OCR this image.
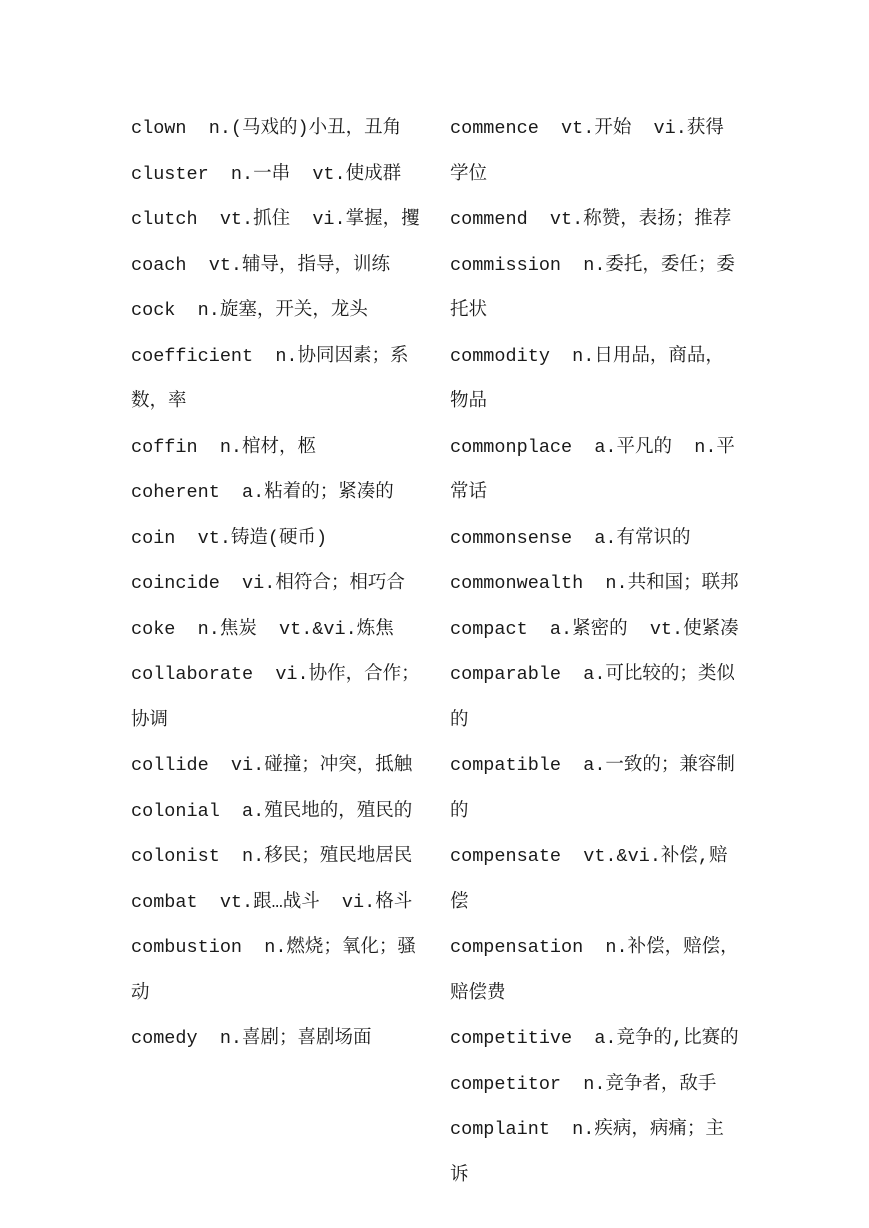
clown  n.(马戏的)小丑，丑角
cluster  n.一串  vt.使成群
clutch  vt.抓住  vi.掌握，攫
coach  vt.辅导，指导，训练
cock  n.旋塞，开关，龙头
coefficient  n.协同因素；系数，率
coffin  n.棺材，柩
coherent  a.粘着的；紧凑的
coin  vt.铸造(硬币)
coincide  vi.相符合；相巧合
coke  n.焦炭  vt.&vi.炼焦
collaborate  vi.协作，合作；协调
collide  vi.碰撞；冲突，抵触
colonial  a.殖民地的，殖民的
colonist  n.移民；殖民地居民
combat  vt.跟…战斗  vi.格斗
combustion  n.燃烧；氧化；骚动
comedy  n.喜剧；喜剧场面
commence  vt.开始  vi.获得学位
commend  vt.称赞，表扬；推荐
commission  n.委托，委任；委托状
commodity  n.日用品，商品，物品
commonplace  a.平凡的  n.平常话
commonsense  a.有常识的
commonwealth  n.共和国；联邦
compact  a.紧密的  vt.使紧凑
comparable  a.可比较的；类似的
compatible  a.一致的；兼容制的
compensate  vt.&vi.补偿,赔偿
compensation  n.补偿，赔偿，赔偿费
competitive  a.竞争的,比赛的
competitor  n.竞争者，敌手
complaint  n.疾病，病痛；主诉
